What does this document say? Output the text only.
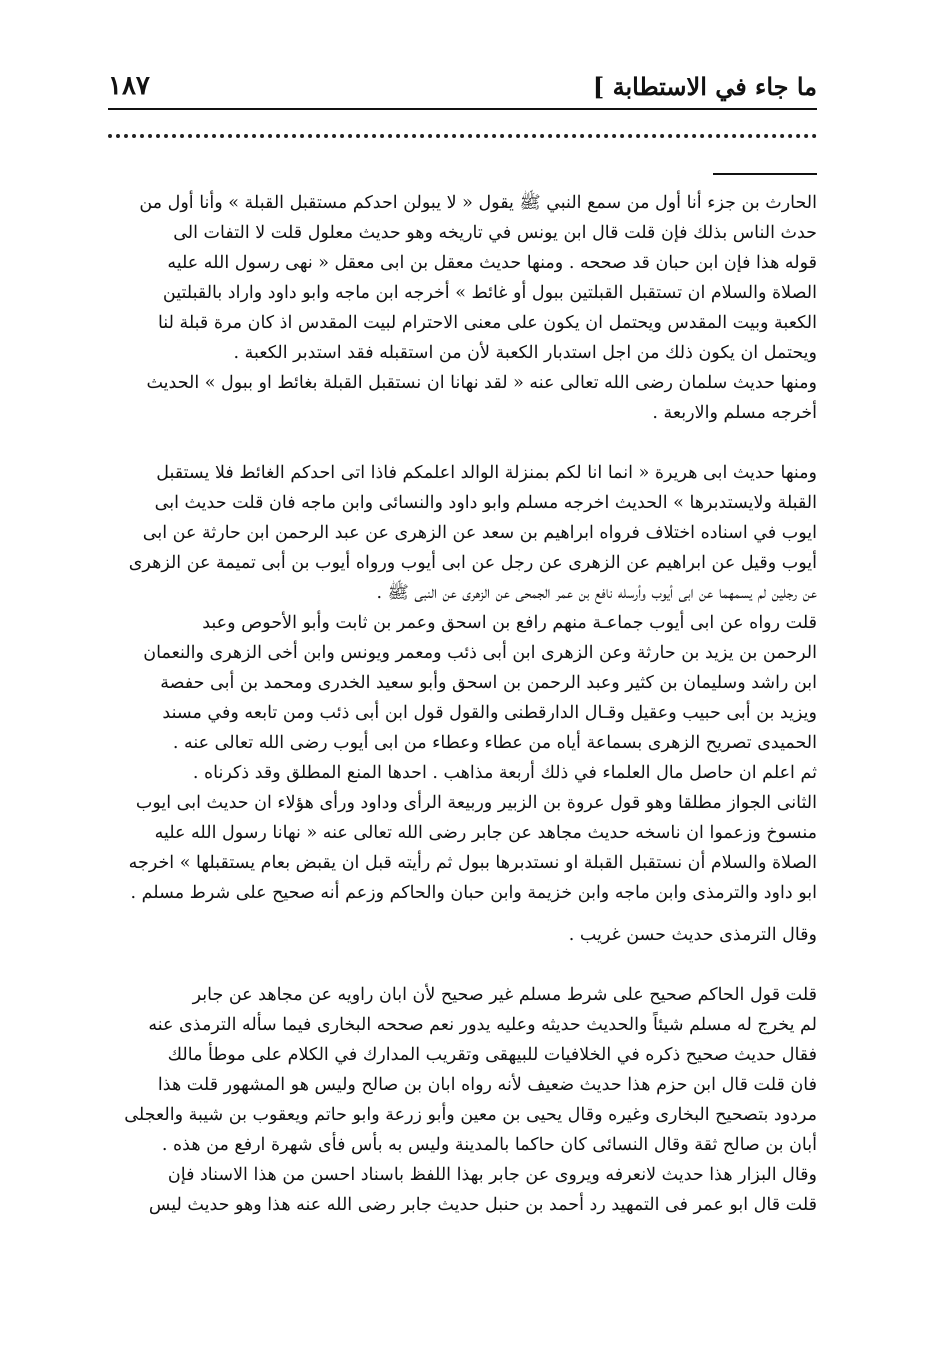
ما جاء في الاستطابة ]
١٨٧

الحارث بن جزء أنا أول من سمع النبي ﷺ يقول « لا يبولن احدكم مستقبل القبلة » وأنا أول من
حدث الناس بذلك فإن قلت قال ابن يونس في تاريخه وهو حديث معلول قلت لا التفات الى
قوله هذا فإن ابن حبان قد صححه . ومنها حديث معقل بن ابى معقل « نهى رسول الله عليه
الصلاة والسلام ان تستقبل القبلتين ببول أو غائط » أخرجه ابن ماجه وابو داود واراد بالقبلتين
الكعبة وبيت المقدس ويحتمل ان يكون على معنى الاحترام لبيت المقدس اذ كان مرة قبلة لنا
ويحتمل ان يكون ذلك من اجل استدبار الكعبة لأن من استقبله فقد استدبر الكعبة .

ومنها حديث سلمان رضى الله تعالى عنه « لقد نهانا ان نستقبل القبلة بغائط او ببول » الحديث
أخرجه مسلم والاربعة .

ومنها حديث ابى هريرة « انما انا لكم بمنزلة الوالد اعلمكم فاذا اتى احدكم الغائط فلا يستقبل
القبلة ولايستدبرها » الحديث اخرجه مسلم وابو داود والنسائى وابن ماجه فان قلت حديث ابى
ايوب في اسناده اختلاف فرواه ابراهيم بن سعد عن الزهرى عن عبد الرحمن ابن حارثة عن ابى
أيوب وقيل عن ابراهيم عن الزهرى عن رجل عن ابى أيوب ورواه أيوب بن أبى تميمة عن الزهرى
عن رجلين لم يسمهما عن ابى أيوب وأرسله نافع بن عمر الجمحى عن الزهرى عن النبى ﷺ .

قلت رواه عن ابى أيوب جماعـة منهم رافع بن اسحق وعمر بن ثابت وأبو الأحوص وعبد
الرحمن بن يزيد بن حارثة وعن الزهرى ابن أبى ذئب ومعمر ويونس وابن أخى الزهرى والنعمان
ابن راشد وسليمان بن كثير وعبد الرحمن بن اسحق وأبو سعيد الخدرى ومحمد بن أبى حفصة
ويزيد بن أبى حبيب وعقيل وقـال الدارقطنى والقول قول ابن أبى ذئب ومن تابعه وفي مسند
الحميدى تصريح الزهرى بسماعة أياه من عطاء وعطاء من ابى أيوب رضى الله تعالى عنه .

ثم اعلم ان حاصل مال العلماء في ذلك أربعة مذاهب . احدها المنع المطلق وقد ذكرناه .
الثانى الجواز مطلقا وهو قول عروة بن الزبير وربيعة الرأى وداود ورأى هؤلاء ان حديث ابى ايوب
منسوخ وزعموا ان ناسخه حديث مجاهد عن جابر رضى الله تعالى عنه « نهانا رسول الله عليه
الصلاة والسلام أن نستقبل القبلة او نستدبرها ببول ثم رأيته قبل ان يقبض بعام يستقبلها » اخرجه
ابو داود والترمذى وابن ماجه وابن خزيمة وابن حبان والحاكم وزعم أنه صحيح على شرط مسلم .

وقال الترمذى حديث حسن غريب .

قلت قول الحاكم صحيح على شرط مسلم غير صحيح لأن ابان راويه عن مجاهد عن جابر
لم يخرج له مسلم شيئاً والحديث حديثه وعليه يدور نعم صححه البخارى فيما سأله الترمذى عنه
فقال حديث صحيح ذكره في الخلافيات للبيهقى وتقريب المدارك في الكلام على موطأ مالك
فان قلت قال ابن حزم هذا حديث ضعيف لأنه رواه ابان بن صالح وليس هو المشهور قلت هذا
مردود بتصحيح البخارى وغيره وقال يحيى بن معين وأبو زرعة وابو حاتم ويعقوب بن شيبة والعجلى
أبان بن صالح ثقة وقال النسائى كان حاكما بالمدينة وليس به بأس فأى شهرة ارفع من هذه .

وقال البزار هذا حديث لانعرفه ويروى عن جابر بهذا اللفظ باسناد احسن من هذا الاسناد فإن
قلت قال ابو عمر فى التمهيد رد أحمد بن حنبل حديث جابر رضى الله عنه هذا وهو حديث ليس
